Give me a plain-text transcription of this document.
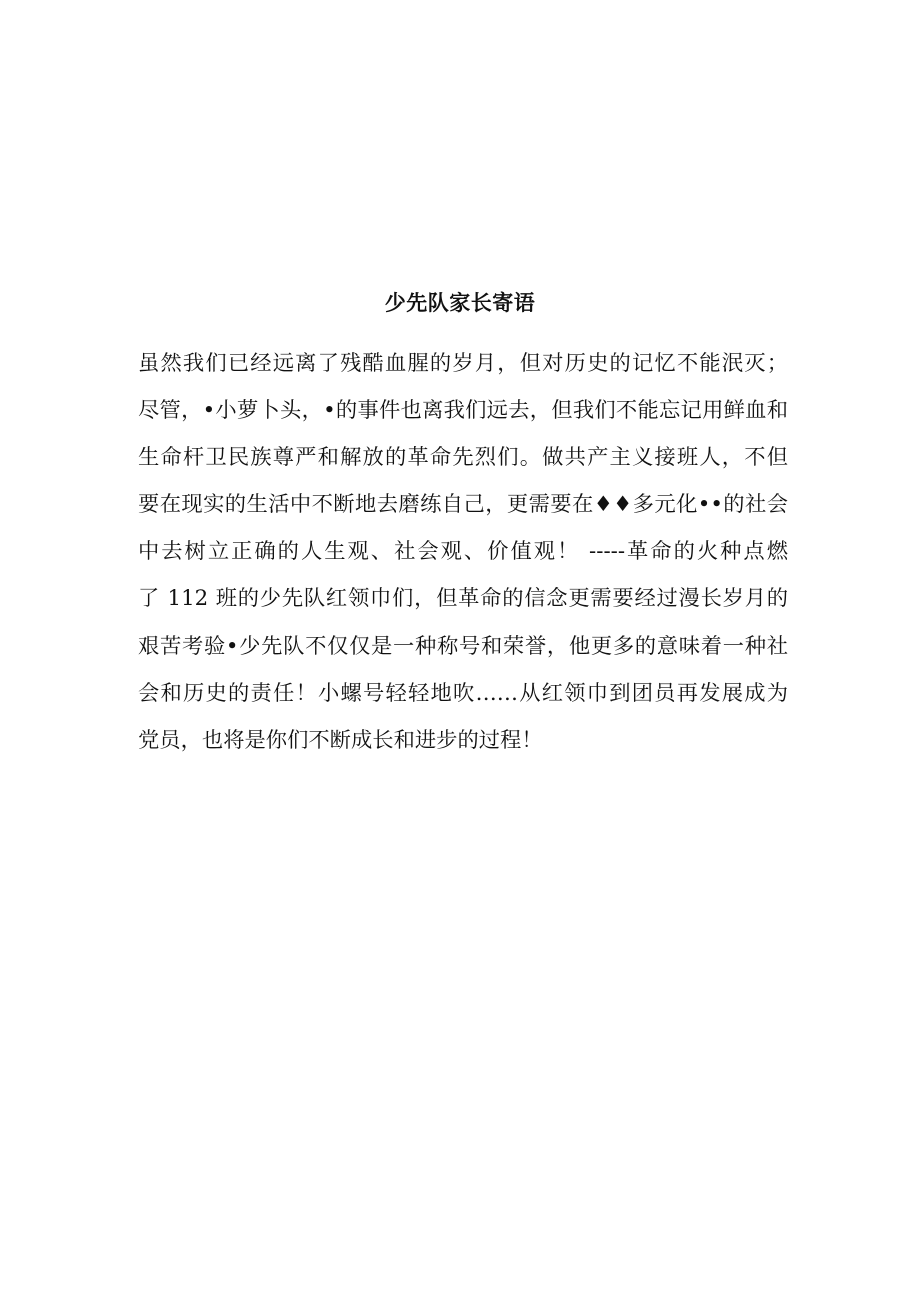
少先队家长寄语
虽然我们已经远离了残酷血腥的岁月，但对历史的记忆不能泯灭；
尽管，•小萝卜头，•的事件也离我们远去，但我们不能忘记用鲜血和
生命杆卫民族尊严和解放的革命先烈们。做共产主义接班人，不但
要在现实的生活中不断地去磨练自己，更需要在♦♦多元化••的社会
中去树立正确的人生观、社会观、价值观！ -----革命的火种点燃
了 112 班的少先队红领巾们，但革命的信念更需要经过漫长岁月的
艰苦考验•少先队不仅仅是一种称号和荣誉，他更多的意味着一种社
会和历史的责任！小螺号轻轻地吹……从红领巾到团员再发展成为
党员，也将是你们不断成长和进步的过程！
